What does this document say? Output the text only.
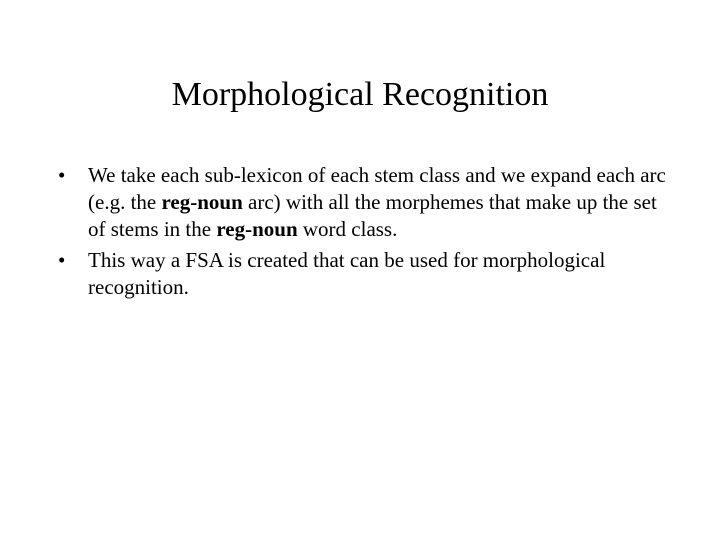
Morphological Recognition
•	We take each sub-lexicon of each stem class and we expand each arc (e.g. the reg-noun arc) with all the morphemes that make up the set of stems in the reg-noun word class.
•	This way a FSA is created that can be used for morphological recognition.
